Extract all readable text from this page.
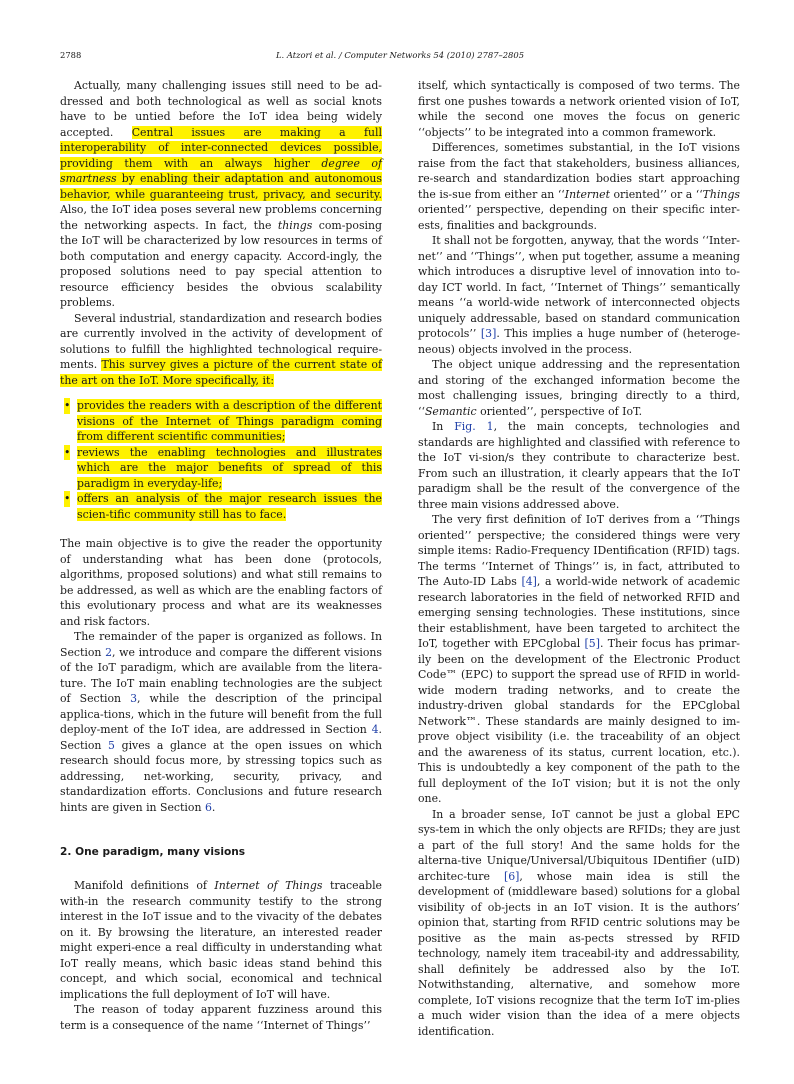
2788	L. Atzori et al. / Computer Networks 54 (2010) 2787–2805

Actually, many challenging issues still need to be ad-dressed and both technological as well as social knots have to be untied before the IoT idea being widely accepted. Central issues are making a full interoperability of inter-connected devices possible, providing them with an always higher degree of smartness by enabling their adaptation and autonomous behavior, while guaranteeing trust, privacy, and security. Also, the IoT idea poses several new problems concerning the networking aspects. In fact, the things com-posing the IoT will be characterized by low resources in terms of both computation and energy capacity. Accord-ingly, the proposed solutions need to pay special attention to resource efficiency besides the obvious scalability problems.

Several industrial, standardization and research bodies are currently involved in the activity of development of solutions to fulfill the highlighted technological require-ments. This survey gives a picture of the current state of the art on the IoT. More specifically, it:

• provides the readers with a description of the different visions of the Internet of Things paradigm coming from different scientific communities;
• reviews the enabling technologies and illustrates which are the major benefits of spread of this paradigm in everyday-life;
• offers an analysis of the major research issues the scien-tific community still has to face.

The main objective is to give the reader the opportunity of understanding what has been done (protocols, algorithms, proposed solutions) and what still remains to be addressed, as well as which are the enabling factors of this evolutionary process and what are its weaknesses and risk factors.

The remainder of the paper is organized as follows. In Section 2, we introduce and compare the different visions of the IoT paradigm, which are available from the litera-ture. The IoT main enabling technologies are the subject of Section 3, while the description of the principal applica-tions, which in the future will benefit from the full deploy-ment of the IoT idea, are addressed in Section 4. Section 5 gives a glance at the open issues on which research should focus more, by stressing topics such as addressing, net-working, security, privacy, and standardization efforts. Conclusions and future research hints are given in Section 6.

2. One paradigm, many visions

Manifold definitions of Internet of Things traceable with-in the research community testify to the strong interest in the IoT issue and to the vivacity of the debates on it. By browsing the literature, an interested reader might experi-ence a real difficulty in understanding what IoT really means, which basic ideas stand behind this concept, and which social, economical and technical implications the full deployment of IoT will have.

The reason of today apparent fuzziness around this term is a consequence of the name ‘‘Internet of Things’’

itself, which syntactically is composed of two terms. The first one pushes towards a network oriented vision of IoT, while the second one moves the focus on generic ‘‘objects’’ to be integrated into a common framework.

Differences, sometimes substantial, in the IoT visions raise from the fact that stakeholders, business alliances, re-search and standardization bodies start approaching the is-sue from either an ‘‘Internet oriented’’ or a ‘‘Things oriented’’ perspective, depending on their specific inter-ests, finalities and backgrounds.

It shall not be forgotten, anyway, that the words ‘‘Inter-net’’ and ‘‘Things’’, when put together, assume a meaning which introduces a disruptive level of innovation into to-day ICT world. In fact, ‘‘Internet of Things’’ semantically means ‘‘a world-wide network of interconnected objects uniquely addressable, based on standard communication protocols’’ [3]. This implies a huge number of (heteroge-neous) objects involved in the process.

The object unique addressing and the representation and storing of the exchanged information become the most challenging issues, bringing directly to a third, ‘‘Semantic oriented’’, perspective of IoT.

In Fig. 1, the main concepts, technologies and standards are highlighted and classified with reference to the IoT vi-sion/s they contribute to characterize best. From such an illustration, it clearly appears that the IoT paradigm shall be the result of the convergence of the three main visions addressed above.

The very first definition of IoT derives from a ‘‘Things oriented’’ perspective; the considered things were very simple items: Radio-Frequency IDentification (RFID) tags. The terms ‘‘Internet of Things’’ is, in fact, attributed to The Auto-ID Labs [4], a world-wide network of academic research laboratories in the field of networked RFID and emerging sensing technologies. These institutions, since their establishment, have been targeted to architect the IoT, together with EPCglobal [5]. Their focus has primar-ily been on the development of the Electronic Product Code™ (EPC) to support the spread use of RFID in world-wide modern trading networks, and to create the industry-driven global standards for the EPCglobal Network™. These standards are mainly designed to im-prove object visibility (i.e. the traceability of an object and the awareness of its status, current location, etc.). This is undoubtedly a key component of the path to the full deployment of the IoT vision; but it is not the only one.

In a broader sense, IoT cannot be just a global EPC sys-tem in which the only objects are RFIDs; they are just a part of the full story! And the same holds for the alterna-tive Unique/Universal/Ubiquitous IDentifier (uID) architec-ture [6], whose main idea is still the development of (middleware based) solutions for a global visibility of ob-jects in an IoT vision. It is the authors’ opinion that, starting from RFID centric solutions may be positive as the main as-pects stressed by RFID technology, namely item traceabil-ity and addressability, shall definitely be addressed also by the IoT. Notwithstanding, alternative, and somehow more complete, IoT visions recognize that the term IoT im-plies a much wider vision than the idea of a mere objects identification.
